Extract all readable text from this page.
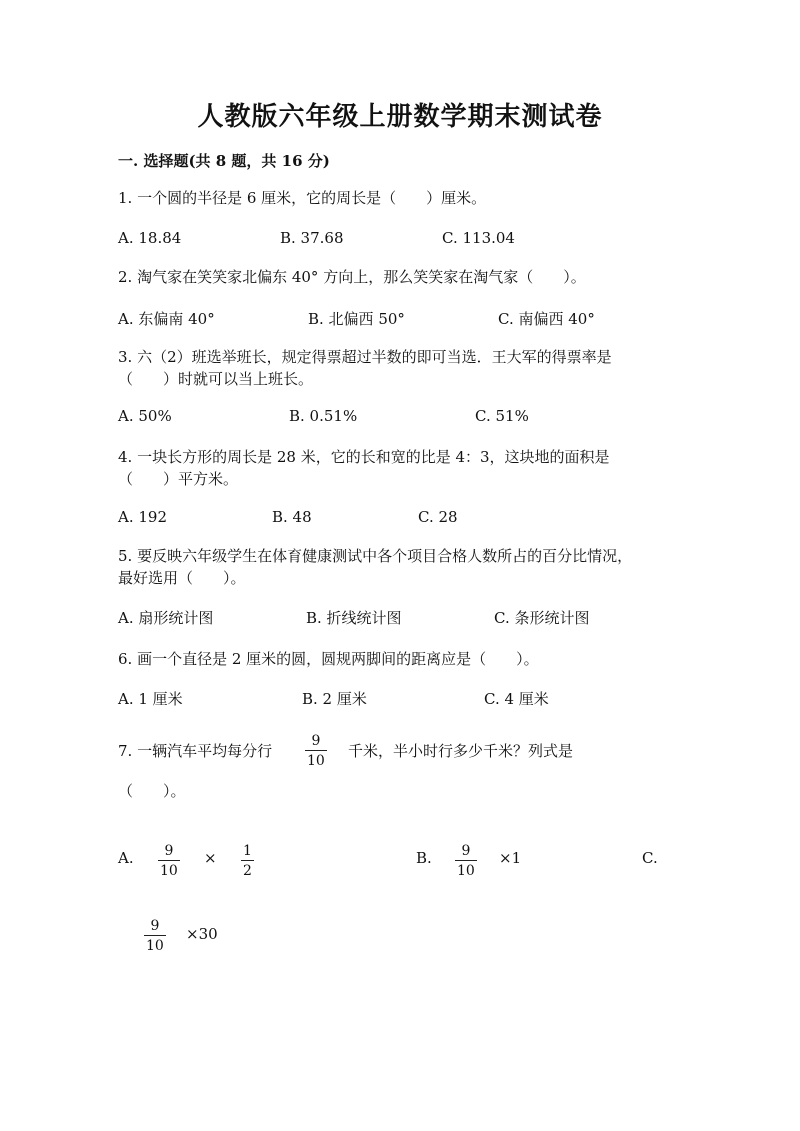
人教版六年级上册数学期末测试卷
一. 选择题(共 8 题，共 16 分)
1. 一个圆的半径是 6 厘米，它的周长是（　　）厘米。
A. 18.84	B. 37.68	C. 113.04
2. 淘气家在笑笑家北偏东 40° 方向上，那么笑笑家在淘气家（　　）。
A. 东偏南 40°	B. 北偏西 50°	C. 南偏西 40°
3. 六（2）班选举班长，规定得票超过半数的即可当选．王大军的得票率是
（　　）时就可以当上班长。
A. 50%	B. 0.51%	C. 51%
4. 一块长方形的周长是 28 米，它的长和宽的比是 4：3，这块地的面积是
（　　）平方米。
A. 192	B. 48	C. 28
5. 要反映六年级学生在体育健康测试中各个项目合格人数所占的百分比情况，
最好选用（　　）。
A. 扇形统计图	B. 折线统计图	C. 条形统计图
6. 画一个直径是 2 厘米的圆，圆规两脚间的距离应是（　　）。
A. 1 厘米	B. 2 厘米	C. 4 厘米
7. 一辆汽车平均每分行
9
10
千米，半小时行多少千米？列式是
（　　）。
A. 9
10
× 1
2
B. 9
10
×1	C.
9
10
×30
